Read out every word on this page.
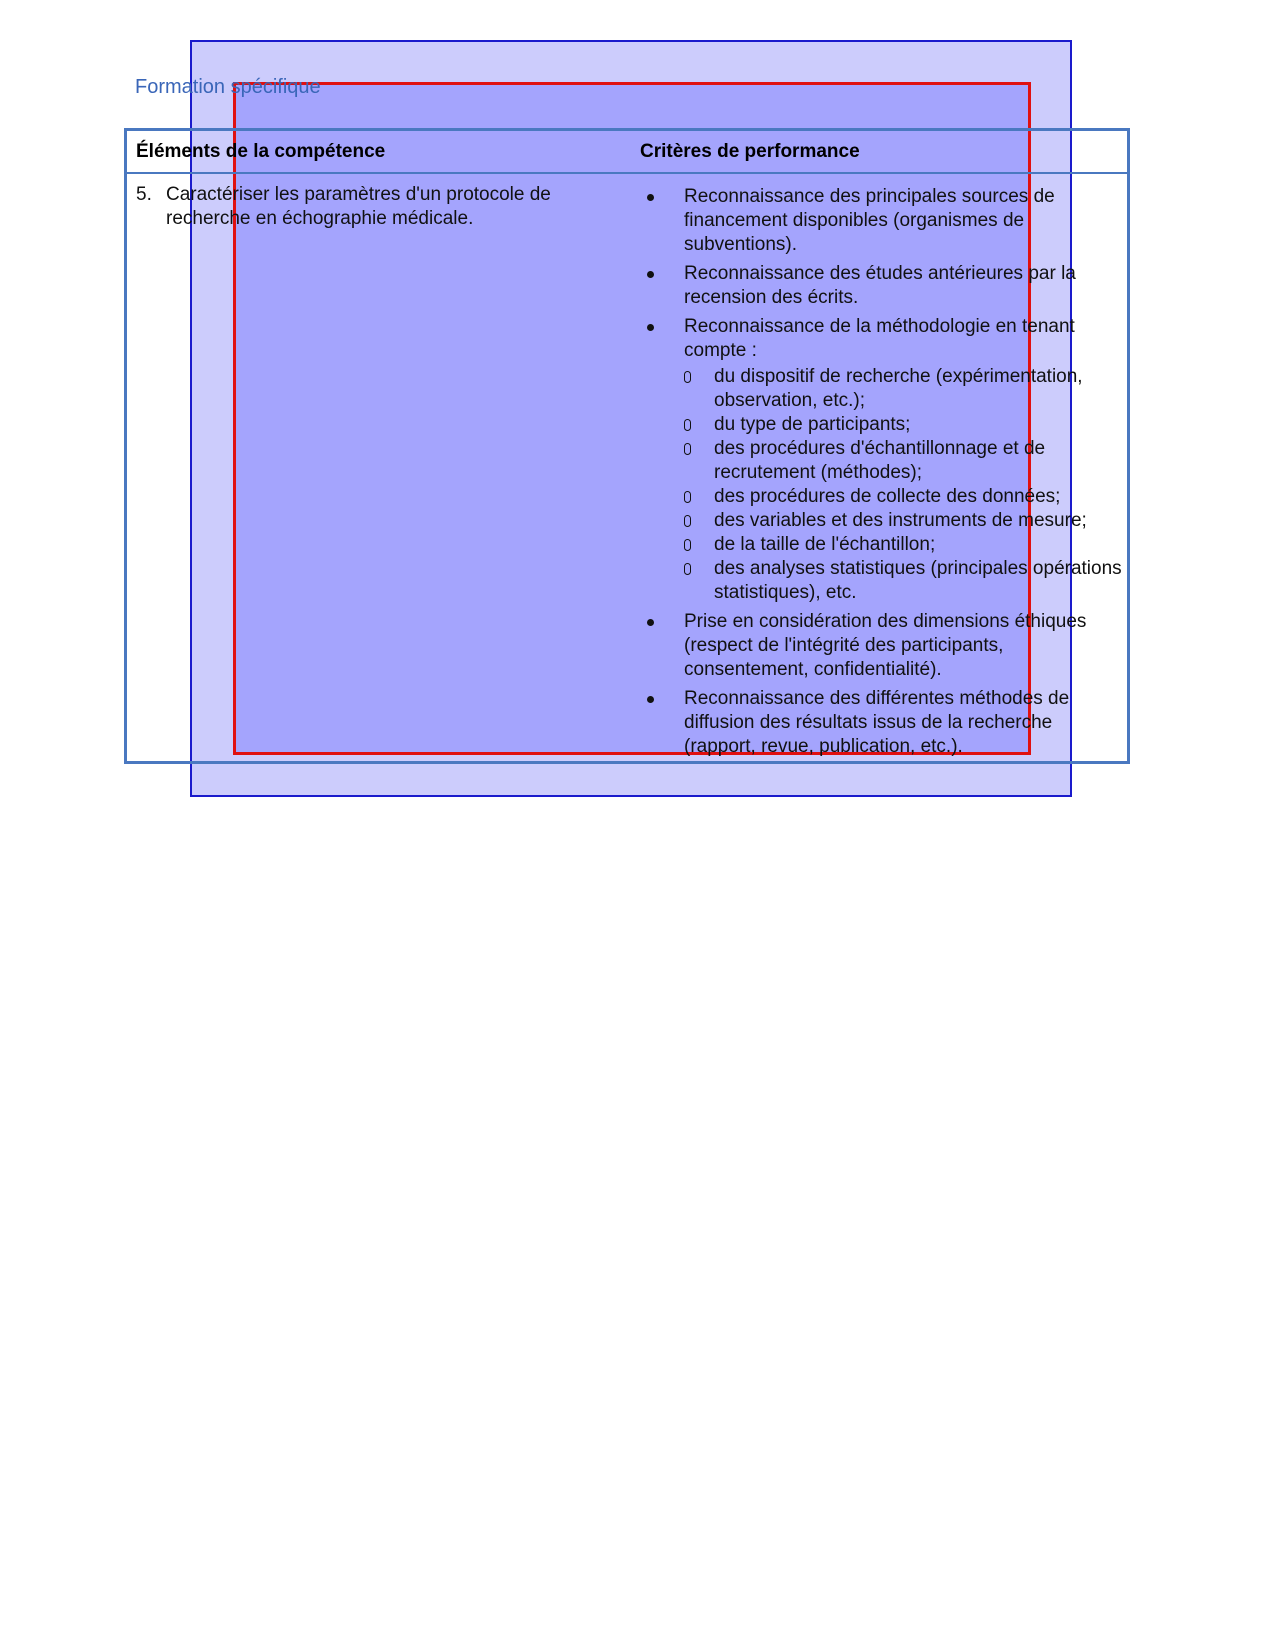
Formation spécifique
Éléments de la compétence	Critères de performance
5. Caractériser les paramètres d'un protocole de recherche en échographie médicale.
Reconnaissance des principales sources de financement disponibles (organismes de subventions).
Reconnaissance des études antérieures par la recension des écrits.
Reconnaissance de la méthodologie en tenant compte :
du dispositif de recherche (expérimentation, observation, etc.);
du type de participants;
des procédures d'échantillonnage et de recrutement (méthodes);
des procédures de collecte des données;
des variables et des instruments de mesure;
de la taille de l'échantillon;
des analyses statistiques (principales opérations statistiques), etc.
Prise en considération des dimensions éthiques (respect de l'intégrité des participants, consentement, confidentialité).
Reconnaissance des différentes méthodes de diffusion des résultats issus de la recherche (rapport, revue, publication, etc.).
